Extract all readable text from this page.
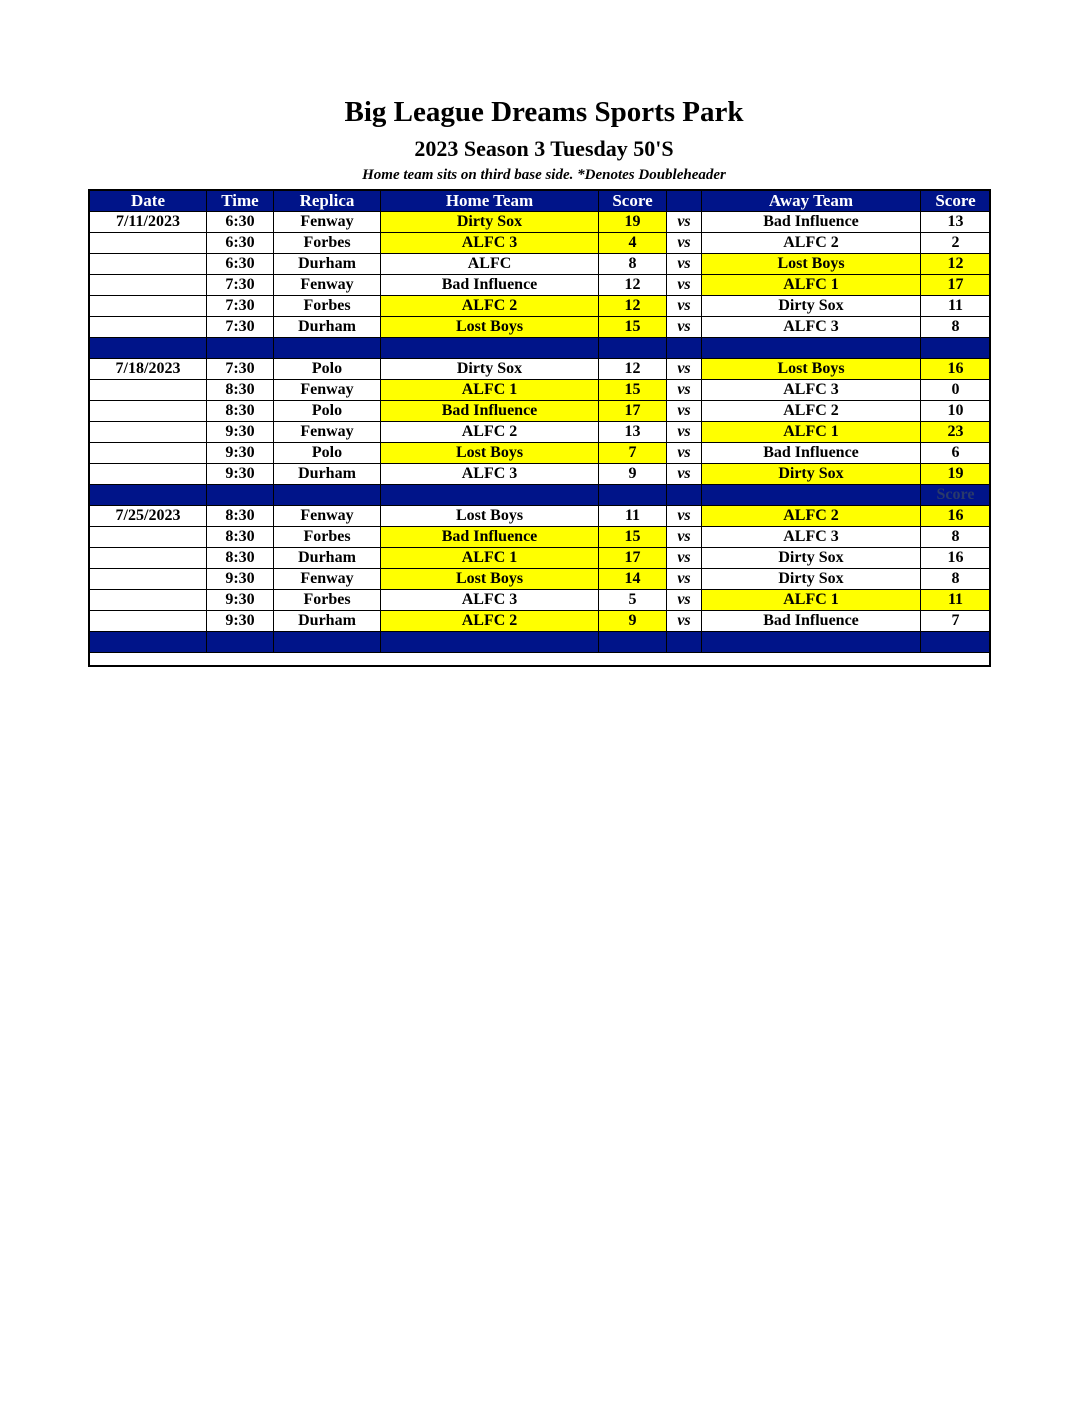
Big League Dreams Sports Park
2023 Season 3 Tuesday 50'S
Home team sits on third base side. *Denotes Doubleheader
Date	Time	Replica	Home Team	Score		Away Team	Score
7/11/2023	6:30	Fenway	Dirty Sox	19	vs	Bad Influence	13
	6:30	Forbes	ALFC 3	4	vs	ALFC 2	2
	6:30	Durham	ALFC	8	vs	Lost Boys	12
	7:30	Fenway	Bad Influence	12	vs	ALFC 1	17
	7:30	Forbes	ALFC 2	12	vs	Dirty Sox	11
	7:30	Durham	Lost Boys	15	vs	ALFC 3	8

7/18/2023	7:30	Polo	Dirty Sox	12	vs	Lost Boys	16
	8:30	Fenway	ALFC 1	15	vs	ALFC 3	0
	8:30	Polo	Bad Influence	17	vs	ALFC 2	10
	9:30	Fenway	ALFC 2	13	vs	ALFC 1	23
	9:30	Polo	Lost Boys	7	vs	Bad Influence	6
	9:30	Durham	ALFC 3	9	vs	Dirty Sox	19
							Score
7/25/2023	8:30	Fenway	Lost Boys	11	vs	ALFC 2	16
	8:30	Forbes	Bad Influence	15	vs	ALFC 3	8
	8:30	Durham	ALFC 1	17	vs	Dirty Sox	16
	9:30	Fenway	Lost Boys	14	vs	Dirty Sox	8
	9:30	Forbes	ALFC 3	5	vs	ALFC 1	11
	9:30	Durham	ALFC 2	9	vs	Bad Influence	7
